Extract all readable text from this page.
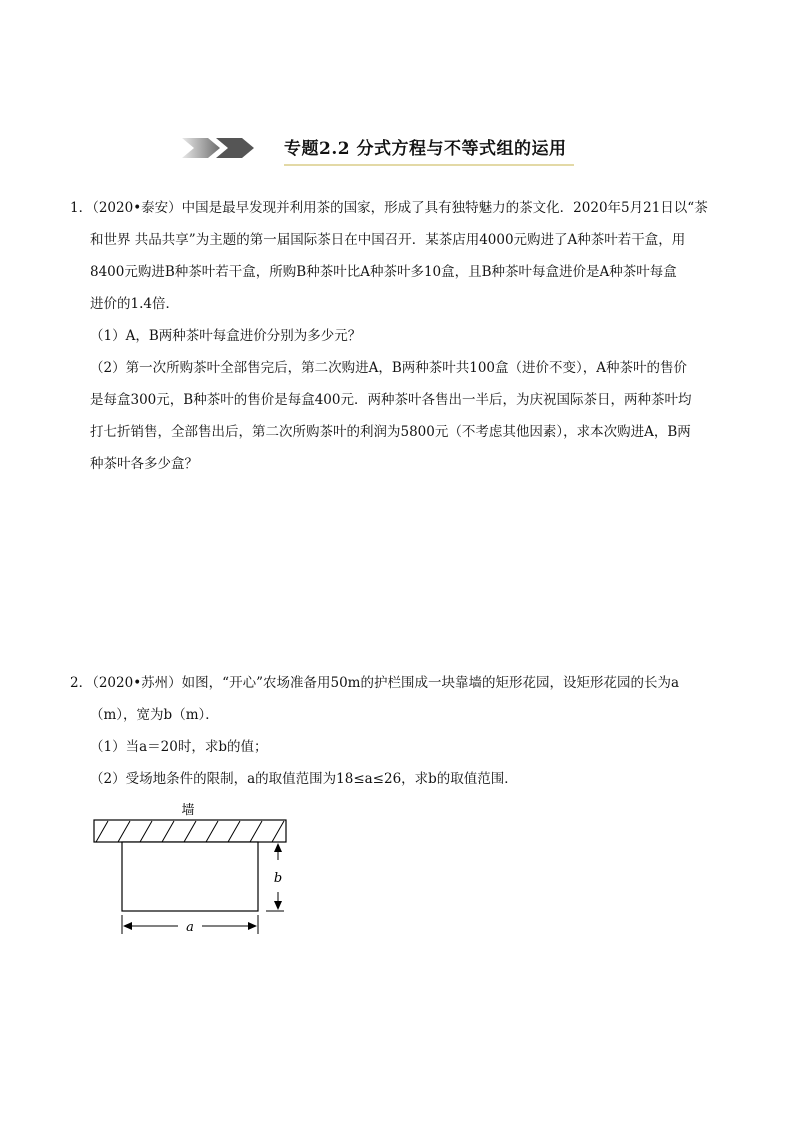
专题2.2 分式方程与不等式组的运用

1．（2020•泰安）中国是最早发现并利用茶的国家，形成了具有独特魅力的茶文化．2020年5月21日以“茶

和世界 共品共享”为主题的第一届国际茶日在中国召开．某茶店用4000元购进了A种茶叶若干盒，用

8400元购进B种茶叶若干盒，所购B种茶叶比A种茶叶多10盒，且B种茶叶每盒进价是A种茶叶每盒

进价的1.4倍．

（1）A，B两种茶叶每盒进价分别为多少元？

（2）第一次所购茶叶全部售完后，第二次购进A，B两种茶叶共100盒（进价不变），A种茶叶的售价

是每盒300元，B种茶叶的售价是每盒400元．两种茶叶各售出一半后，为庆祝国际茶日，两种茶叶均

打七折销售，全部售出后，第二次所购茶叶的利润为5800元（不考虑其他因素），求本次购进A，B两

种茶叶各多少盒？

2．（2020•苏州）如图，“开心”农场准备用50m的护栏围成一块靠墙的矩形花园，设矩形花园的长为a

（m），宽为b（m）．

（1）当a＝20时，求b的值；

（2）受场地条件的限制，a的取值范围为18≤a≤26，求b的取值范围．

墙
b
a
